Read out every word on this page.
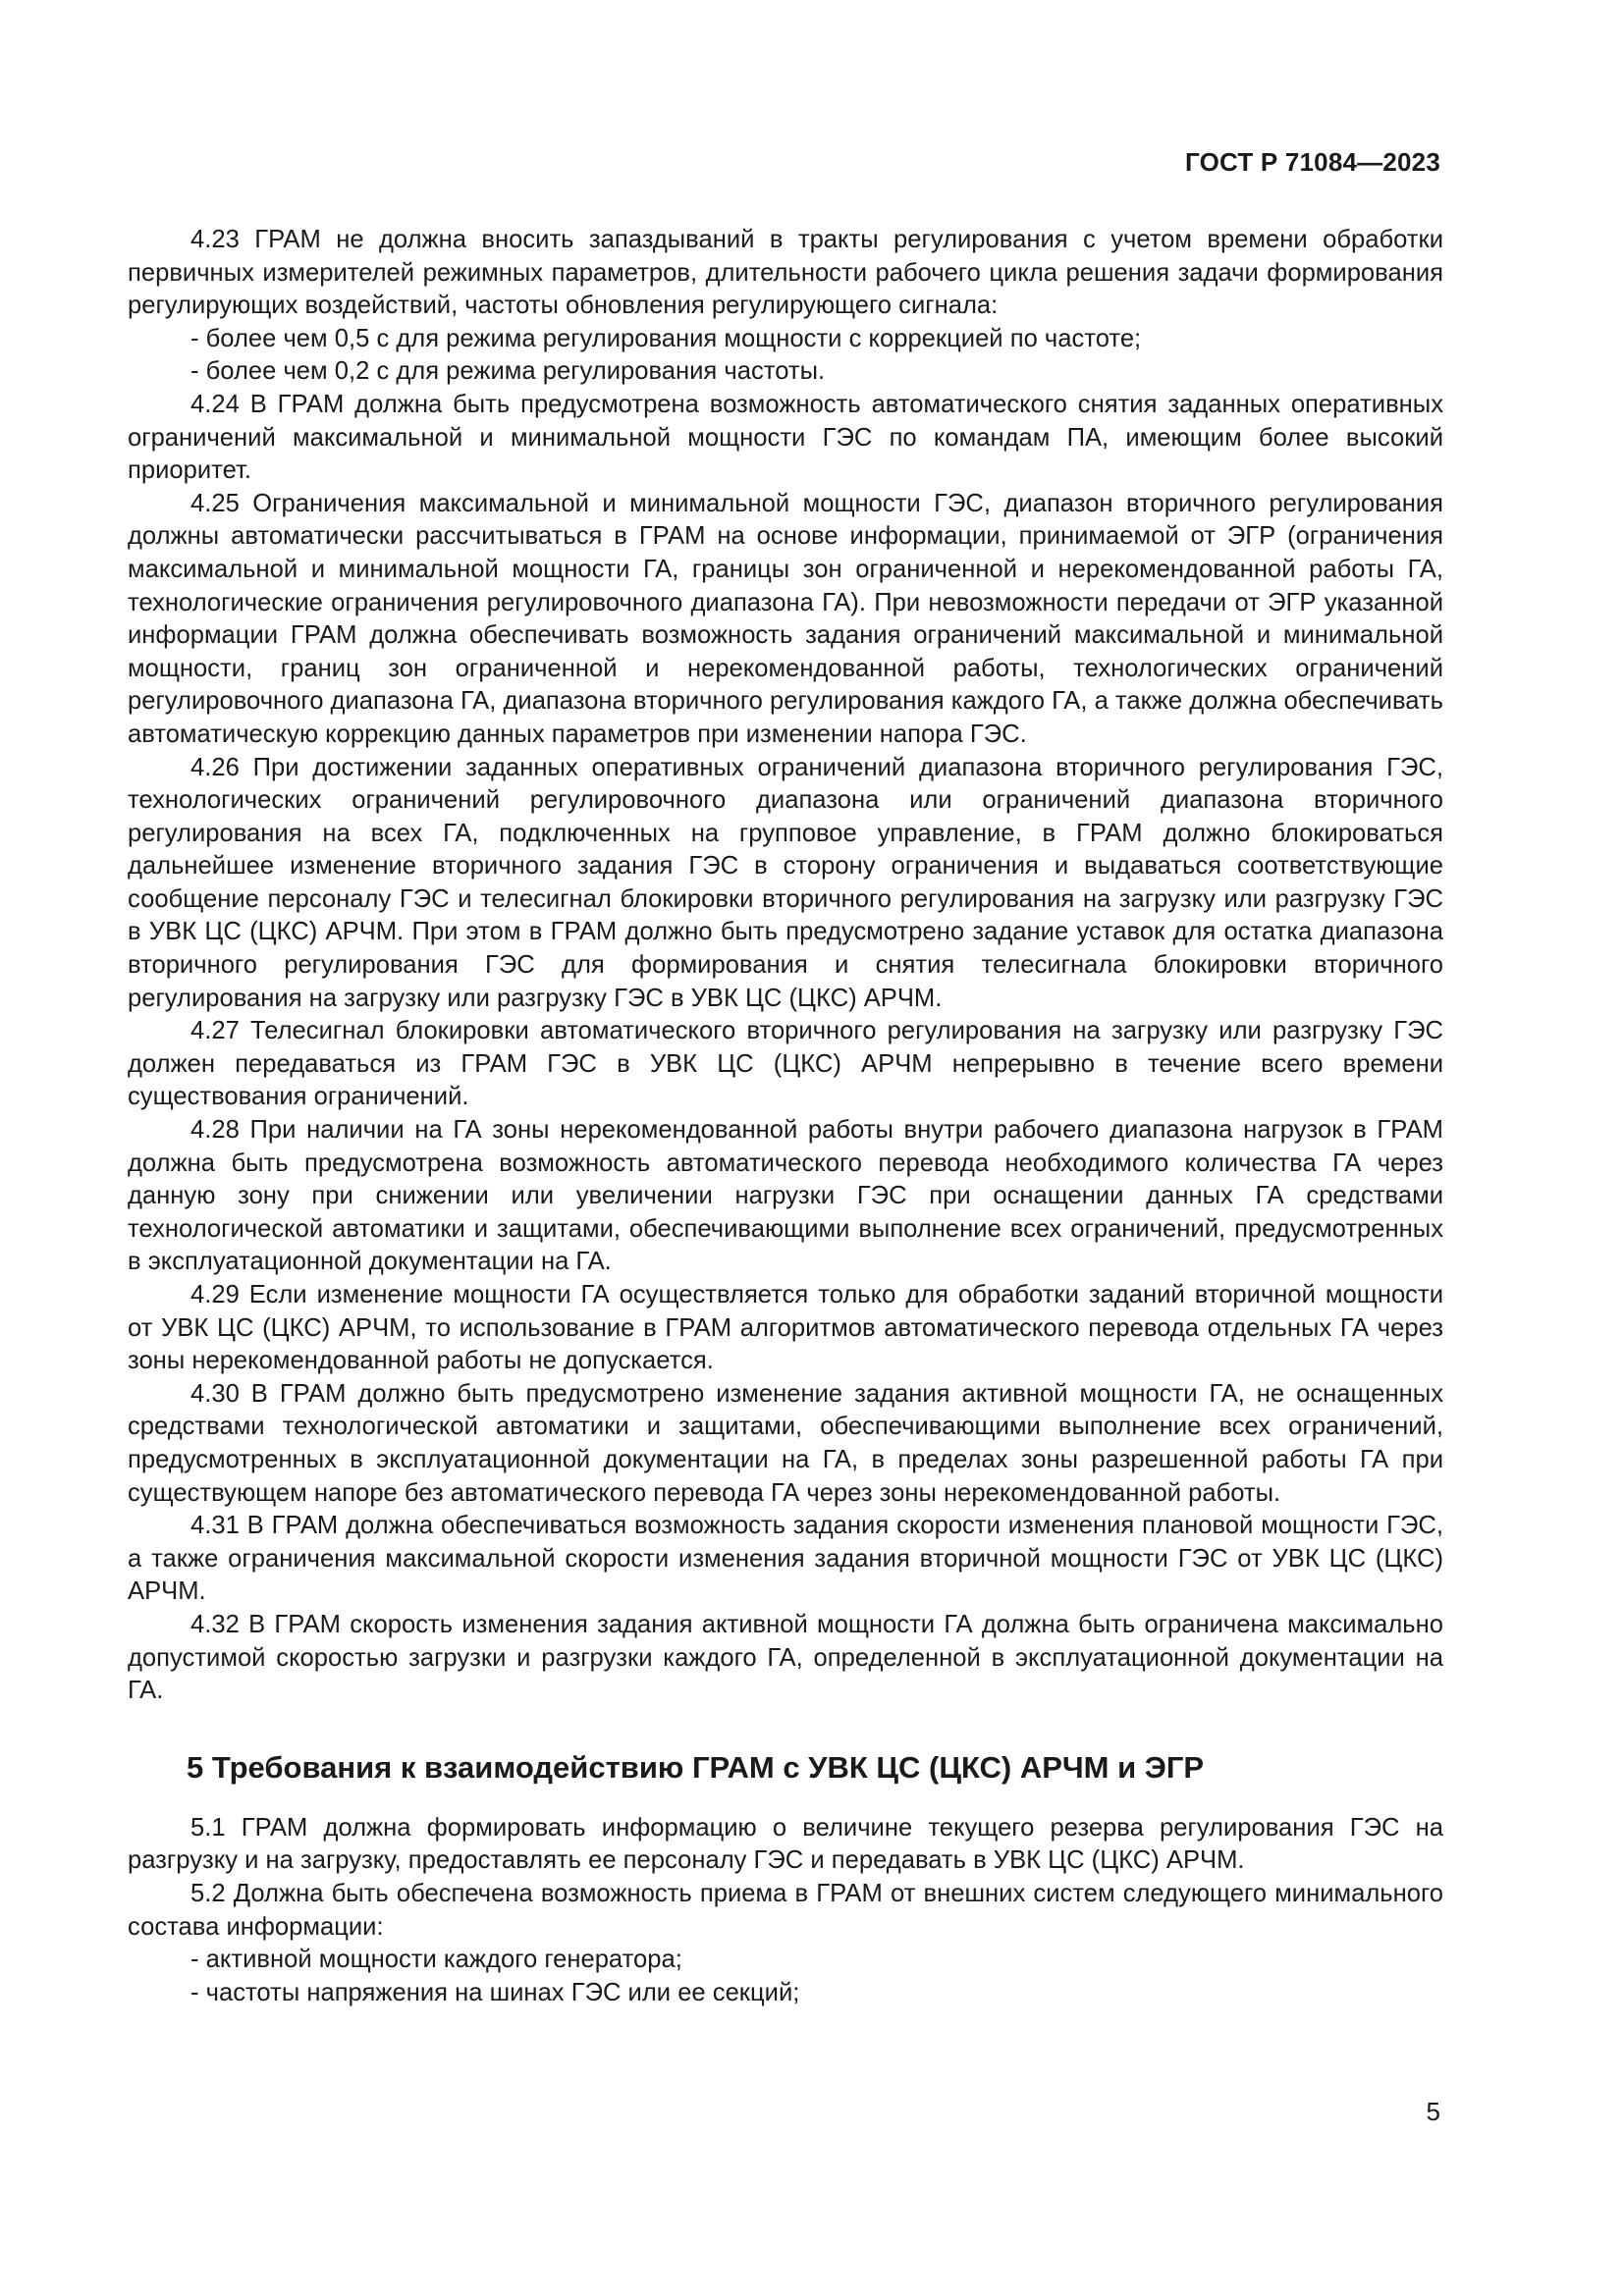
ГОСТ Р 71084—2023

4.23 ГРАМ не должна вносить запаздываний в тракты регулирования с учетом времени обработки первичных измерителей режимных параметров, длительности рабочего цикла решения задачи формирования регулирующих воздействий, частоты обновления регулирующего сигнала:

- более чем 0,5 с для режима регулирования мощности с коррекцией по частоте;

- более чем 0,2 с для режима регулирования частоты.

4.24 В ГРАМ должна быть предусмотрена возможность автоматического снятия заданных оперативных ограничений максимальной и минимальной мощности ГЭС по командам ПА, имеющим более высокий приоритет.

4.25 Ограничения максимальной и минимальной мощности ГЭС, диапазон вторичного регулирования должны автоматически рассчитываться в ГРАМ на основе информации, принимаемой от ЭГР (ограничения максимальной и минимальной мощности ГА, границы зон ограниченной и нерекомендованной работы ГА, технологические ограничения регулировочного диапазона ГА). При невозможности передачи от ЭГР указанной информации ГРАМ должна обеспечивать возможность задания ограничений максимальной и минимальной мощности, границ зон ограниченной и нерекомендованной работы, технологических ограничений регулировочного диапазона ГА, диапазона вторичного регулирования каждого ГА, а также должна обеспечивать автоматическую коррекцию данных параметров при изменении напора ГЭС.

4.26 При достижении заданных оперативных ограничений диапазона вторичного регулирования ГЭС, технологических ограничений регулировочного диапазона или ограничений диапазона вторичного регулирования на всех ГА, подключенных на групповое управление, в ГРАМ должно блокироваться дальнейшее изменение вторичного задания ГЭС в сторону ограничения и выдаваться соответствующие сообщение персоналу ГЭС и телесигнал блокировки вторичного регулирования на загрузку или разгрузку ГЭС в УВК ЦС (ЦКС) АРЧМ. При этом в ГРАМ должно быть предусмотрено задание уставок для остатка диапазона вторичного регулирования ГЭС для формирования и снятия телесигнала блокировки вторичного регулирования на загрузку или разгрузку ГЭС в УВК ЦС (ЦКС) АРЧМ.

4.27 Телесигнал блокировки автоматического вторичного регулирования на загрузку или разгрузку ГЭС должен передаваться из ГРАМ ГЭС в УВК ЦС (ЦКС) АРЧМ непрерывно в течение всего времени существования ограничений.

4.28 При наличии на ГА зоны нерекомендованной работы внутри рабочего диапазона нагрузок в ГРАМ должна быть предусмотрена возможность автоматического перевода необходимого количества ГА через данную зону при снижении или увеличении нагрузки ГЭС при оснащении данных ГА средствами технологической автоматики и защитами, обеспечивающими выполнение всех ограничений, предусмотренных в эксплуатационной документации на ГА.

4.29 Если изменение мощности ГА осуществляется только для обработки заданий вторичной мощности от УВК ЦС (ЦКС) АРЧМ, то использование в ГРАМ алгоритмов автоматического перевода отдельных ГА через зоны нерекомендованной работы не допускается.

4.30 В ГРАМ должно быть предусмотрено изменение задания активной мощности ГА, не оснащенных средствами технологической автоматики и защитами, обеспечивающими выполнение всех ограничений, предусмотренных в эксплуатационной документации на ГА, в пределах зоны разрешенной работы ГА при существующем напоре без автоматического перевода ГА через зоны нерекомендованной работы.

4.31 В ГРАМ должна обеспечиваться возможность задания скорости изменения плановой мощности ГЭС, а также ограничения максимальной скорости изменения задания вторичной мощности ГЭС от УВК ЦС (ЦКС) АРЧМ.

4.32 В ГРАМ скорость изменения задания активной мощности ГА должна быть ограничена максимально допустимой скоростью загрузки и разгрузки каждого ГА, определенной в эксплуатационной документации на ГА.

5 Требования к взаимодействию ГРАМ с УВК ЦС (ЦКС) АРЧМ и ЭГР

5.1 ГРАМ должна формировать информацию о величине текущего резерва регулирования ГЭС на разгрузку и на загрузку, предоставлять ее персоналу ГЭС и передавать в УВК ЦС (ЦКС) АРЧМ.

5.2 Должна быть обеспечена возможность приема в ГРАМ от внешних систем следующего минимального состава информации:

- активной мощности каждого генератора;

- частоты напряжения на шинах ГЭС или ее секций;

5
